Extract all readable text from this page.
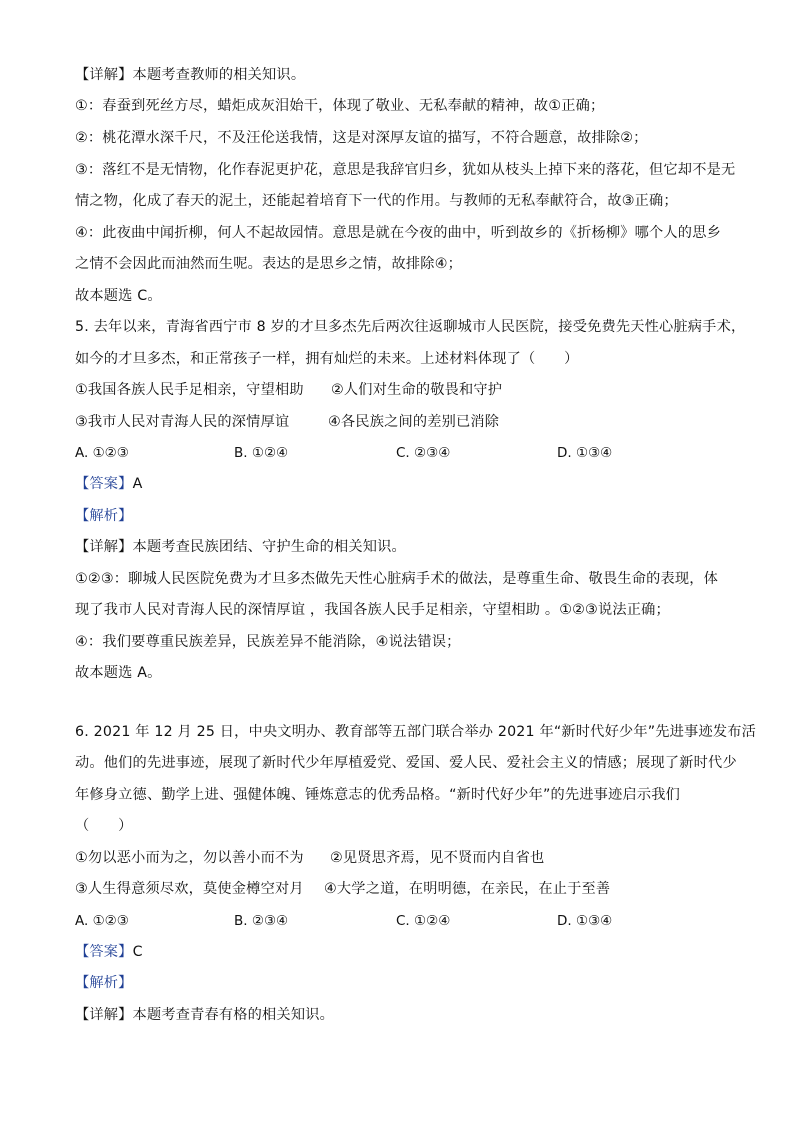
【详解】本题考查教师的相关知识。
①：春蚕到死丝方尽，蜡炬成灰泪始干，体现了敬业、无私奉献的精神，故①正确；
②：桃花潭水深千尺，不及汪伦送我情，这是对深厚友谊的描写，不符合题意，故排除②；
③：落红不是无情物，化作春泥更护花，意思是我辞官归乡，犹如从枝头上掉下来的落花，但它却不是无
情之物，化成了春天的泥土，还能起着培育下一代的作用。与教师的无私奉献符合，故③正确；
④：此夜曲中闻折柳，何人不起故园情。意思是就在今夜的曲中，听到故乡的《折杨柳》哪个人的思乡
之情不会因此而油然而生呢。表达的是思乡之情，故排除④；
故本题选 C。
5. 去年以来，青海省西宁市 8 岁的才旦多杰先后两次往返聊城市人民医院，接受免费先天性心脏病手术，
如今的才旦多杰，和正常孩子一样，拥有灿烂的未来。上述材料体现了（　　）
①我国各族人民手足相亲，守望相助 ②人们对生命的敬畏和守护
③我市人民对青海人民的深情厚谊	④各民族之间的差别已消除
A. ①②③	B. ①②④	C. ②③④	D. ①③④
【答案】A
【解析】
【详解】本题考查民族团结、守护生命的相关知识。
①②③：聊城人民医院免费为才旦多杰做先天性心脏病手术的做法，是尊重生命、敬畏生命的表现，体
现了我市人民对青海人民的深情厚谊 ，我国各族人民手足相亲，守望相助 。①②③说法正确；
④：我们要尊重民族差异，民族差异不能消除，④说法错误；
故本题选 A。
6. 2021 年 12 月 25 日，中央文明办、教育部等五部门联合举办 2021 年“新时代好少年”先进事迹发布活
动。他们的先进事迹，展现了新时代少年厚植爱党、爱国、爱人民、爱社会主义的情感；展现了新时代少
年修身立德、勤学上进、强健体魄、锤炼意志的优秀品格。“新时代好少年”的先进事迹启示我们
（　　）
①勿以恶小而为之，勿以善小而不为 ②见贤思齐焉，见不贤而内自省也
③人生得意须尽欢，莫使金樽空对月 ④大学之道，在明明德，在亲民，在止于至善
A. ①②③	B. ②③④	C. ①②④	D. ①③④
【答案】C
【解析】
【详解】本题考查青春有格的相关知识。
